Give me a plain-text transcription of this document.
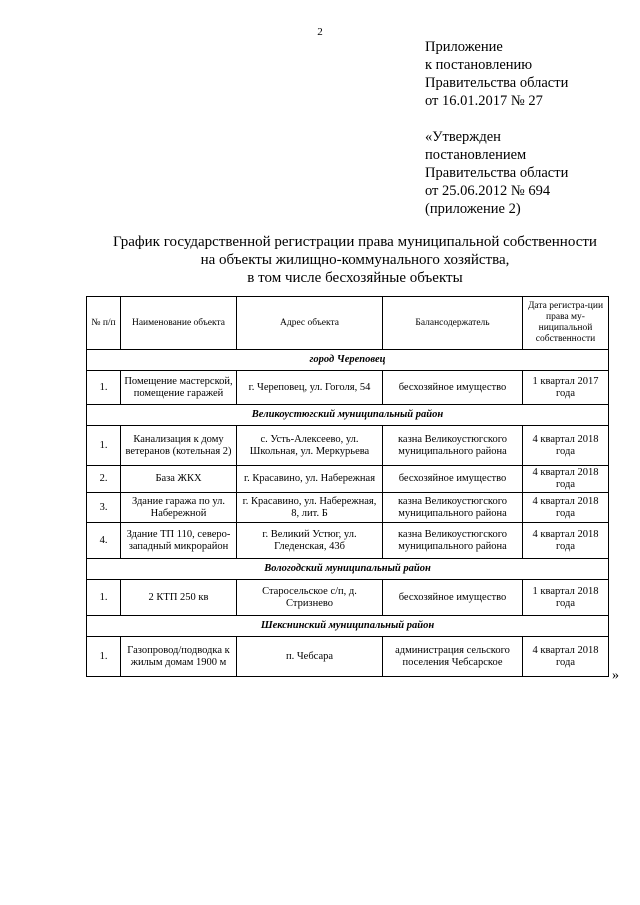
2
Приложение
к постановлению
Правительства области
от 16.01.2017 № 27
«Утвержден
постановлением
Правительства области
от 25.06.2012 № 694
(приложение 2)
График государственной регистрации права муниципальной собственности
на объекты жилищно-коммунального хозяйства,
в том числе бесхозяйные объекты
№ п/п	Наименование объекта	Адрес объекта	Балансодержатель	Дата регистра-ции права му-ниципальной собственности
город Череповец				
1.	Помещение мастерской, помещение гаражей	г. Череповец, ул. Гоголя, 54	бесхозяйное имущество	1 квартал 2017 года
Великоустюгский муниципальный район				
1.	Канализация к дому ветеранов (котельная 2)	с. Усть-Алексеево, ул. Школьная, ул. Меркурьева	казна Великоустюгского муниципального района	4 квартал 2018 года
2.	База ЖКХ	г. Красавино, ул. Набережная	бесхозяйное имущество	4 квартал 2018 года
3.	Здание гаража по ул. Набережной	г. Красавино, ул. Набережная, 8, лит. Б	казна Великоустюгского муниципального района	4 квартал 2018 года
4.	Здание ТП 110, северо-западный микрорайон	г. Великий Устюг, ул. Гледенская, 43б	казна Великоустюгского муниципального района	4 квартал 2018 года
Вологодский муниципальный район				
1.	2 КТП 250 кв	Старосельское с/п, д. Стризнево	бесхозяйное имущество	1 квартал 2018 года
Шекснинский муниципальный район				
1.	Газопровод/подводка к жилым домам 1900 м	п. Чебсара	администрация сельского поселения Чебсарское	4 квартал 2018 года
»
